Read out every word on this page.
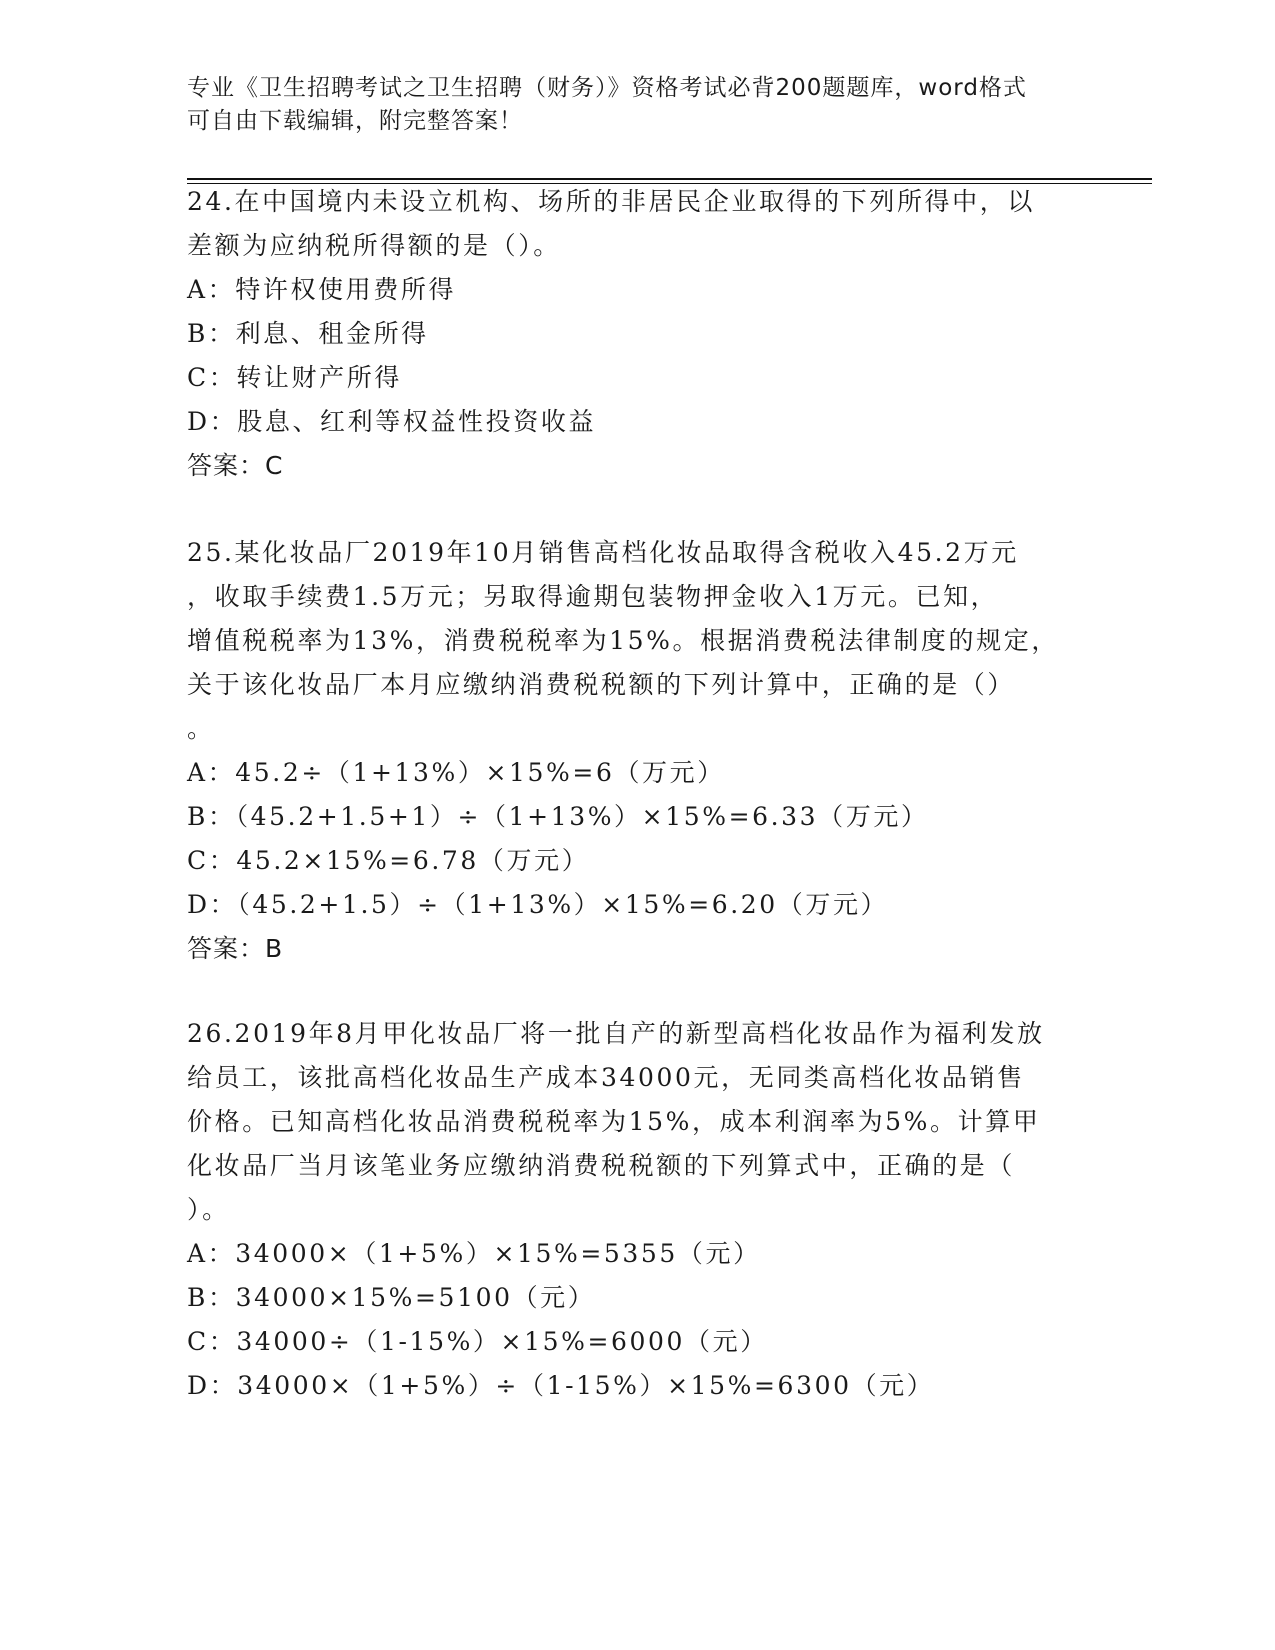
专业《卫生招聘考试之卫生招聘（财务）》资格考试必背200题题库，word格式
可自由下载编辑，附完整答案！
24.在中国境内未设立机构、场所的非居民企业取得的下列所得中，以
差额为应纳税所得额的是（）。
A：特许权使用费所得
B：利息、租金所得
C：转让财产所得
D：股息、红利等权益性投资收益
答案：C
25.某化妆品厂2019年10月销售高档化妆品取得含税收入45.2万元
，收取手续费1.5万元；另取得逾期包装物押金收入1万元。已知，
增值税税率为13%，消费税税率为15%。根据消费税法律制度的规定，
关于该化妆品厂本月应缴纳消费税税额的下列计算中，正确的是（）
。
A：45.2÷（1+13%）×15%=6（万元）
B：（45.2+1.5+1）÷（1+13%）×15%=6.33（万元）
C：45.2×15%=6.78（万元）
D：（45.2+1.5）÷（1+13%）×15%=6.20（万元）
答案：B
26.2019年8月甲化妆品厂将一批自产的新型高档化妆品作为福利发放
给员工，该批高档化妆品生产成本34000元，无同类高档化妆品销售
价格。已知高档化妆品消费税税率为15%，成本利润率为5%。计算甲
化妆品厂当月该笔业务应缴纳消费税税额的下列算式中，正确的是（
）。
A：34000×（1+5%）×15%=5355（元）
B：34000×15%=5100（元）
C：34000÷（1-15%）×15%=6000（元）
D：34000×（1+5%）÷（1-15%）×15%=6300（元）
